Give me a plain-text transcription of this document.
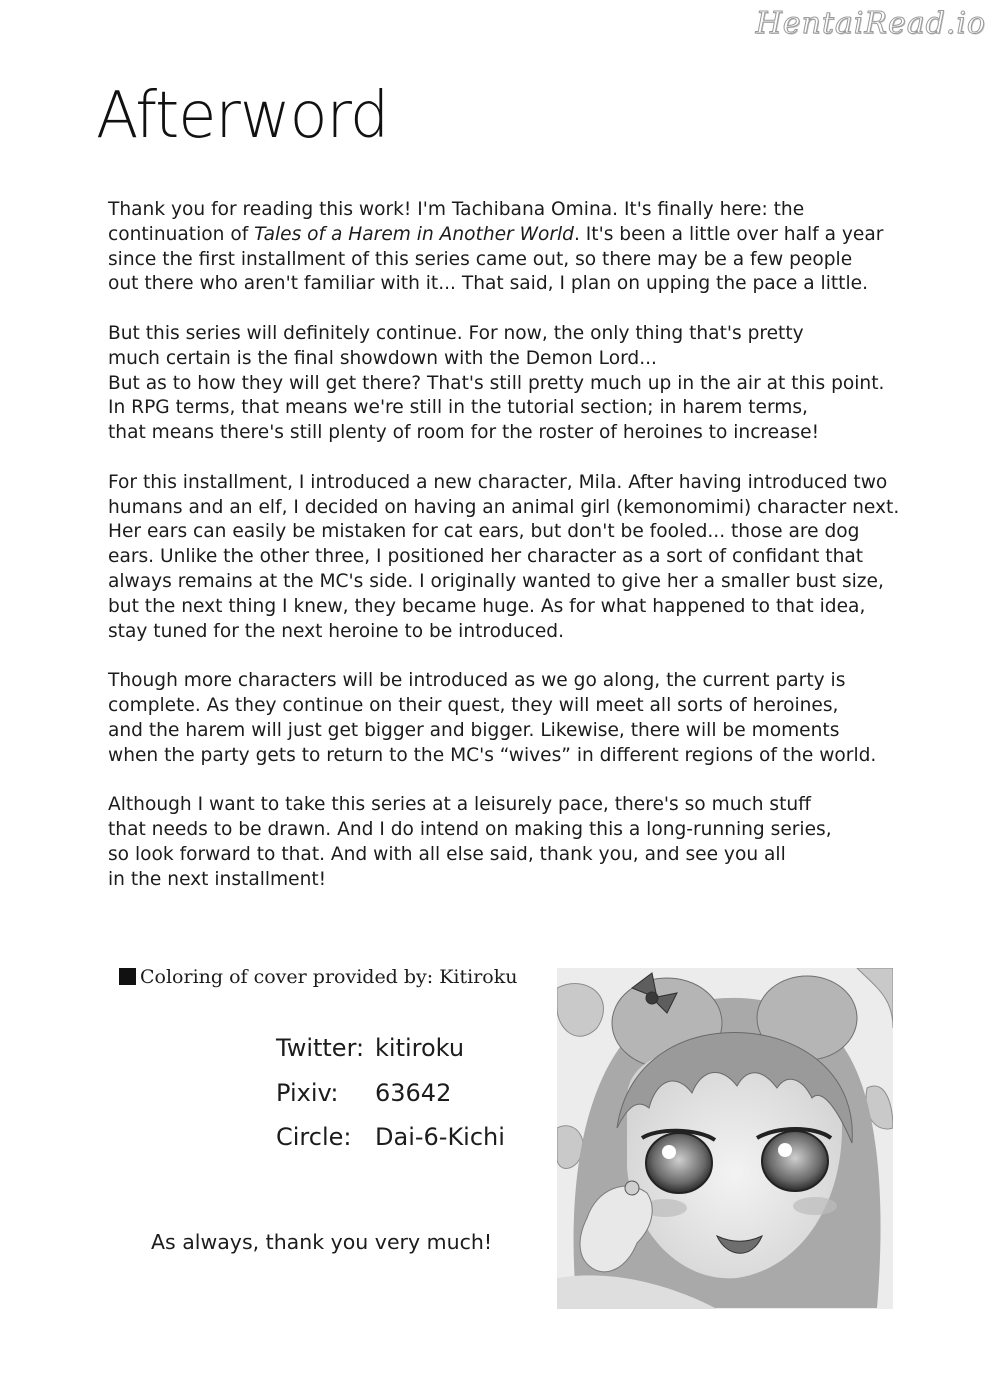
HentaiRead.io
Afterword
Thank you for reading this work! I'm Tachibana Omina. It's finally here: the
continuation of Tales of a Harem in Another World. It's been a little over half a year
since the first installment of this series came out, so there may be a few people
out there who aren't familiar with it... That said, I plan on upping the pace a little.
But this series will definitely continue. For now, the only thing that's pretty
much certain is the final showdown with the Demon Lord...
But as to how they will get there? That's still pretty much up in the air at this point.
In RPG terms, that means we're still in the tutorial section; in harem terms,
that means there's still plenty of room for the roster of heroines to increase!
For this installment, I introduced a new character, Mila. After having introduced two
humans and an elf, I decided on having an animal girl (kemonomimi) character next.
Her ears can easily be mistaken for cat ears, but don't be fooled... those are dog
ears. Unlike the other three, I positioned her character as a sort of confidant that
always remains at the MC's side. I originally wanted to give her a smaller bust size,
but the next thing I knew, they became huge. As for what happened to that idea,
stay tuned for the next heroine to be introduced.
Though more characters will be introduced as we go along, the current party is
complete. As they continue on their quest, they will meet all sorts of heroines,
and the harem will just get bigger and bigger. Likewise, there will be moments
when the party gets to return to the MC's “wives” in different regions of the world.
Although I want to take this series at a leisurely pace, there's so much stuff
that needs to be drawn. And I do intend on making this a long-running series,
so look forward to that. And with all else said, thank you, and see you all
in the next installment!
Coloring of cover provided by: Kitiroku
Twitter: kitiroku
Pixiv: 63642
Circle: Dai-6-Kichi
As always, thank you very much!
